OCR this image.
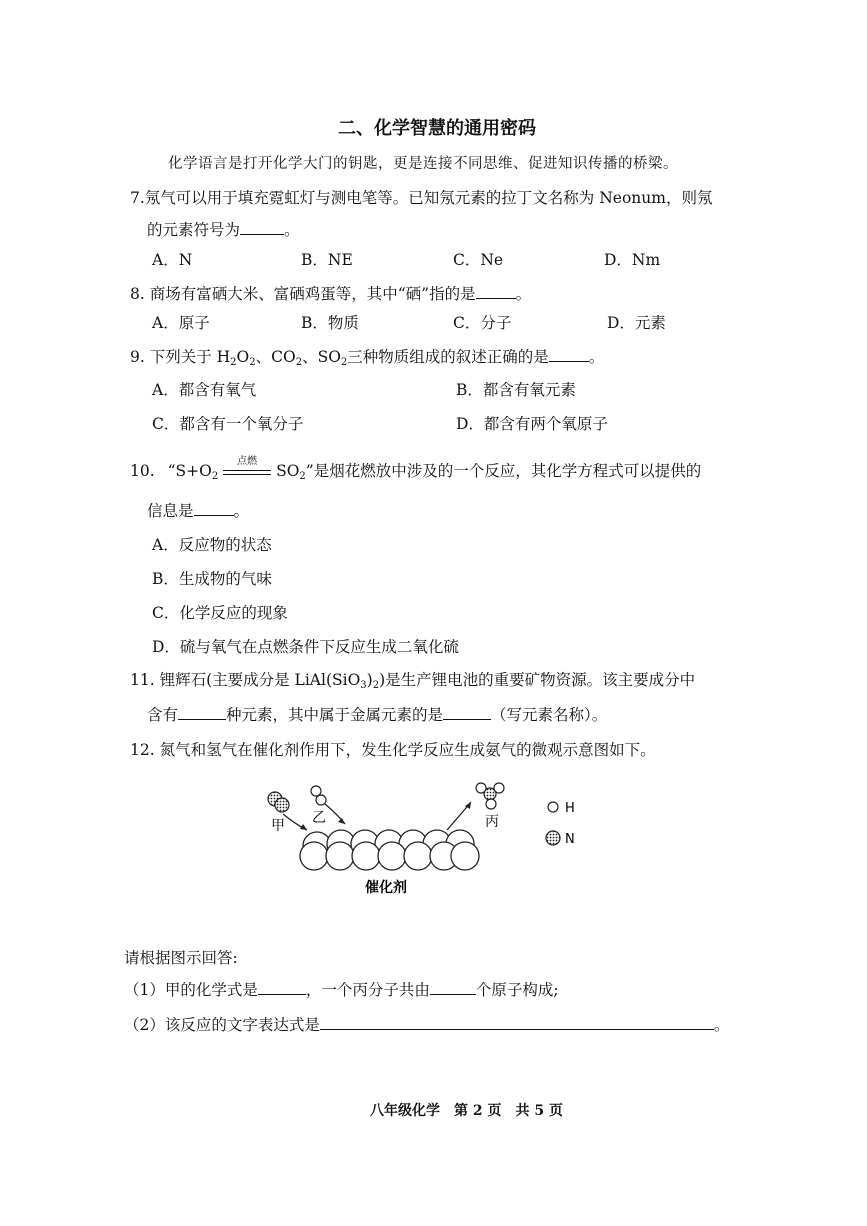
二、化学智慧的通用密码
化学语言是打开化学大门的钥匙，更是连接不同思维、促进知识传播的桥梁。
7.氖气可以用于填充霓虹灯与测电笔等。已知氖元素的拉丁文名称为 Neonum，则氖
的元素符号为	。
A．N	B．NE	C．Ne	D．Nm
8. 商场有富硒大米、富硒鸡蛋等，其中“硒”指的是	。
A．原子	B．物质	C．分子	D．元素
9. 下列关于 $H_2O_2$、$CO_2$、$SO_2$三种物质组成的叙述正确的是	。
A．都含有氧气	B．都含有氧元素
C．都含有一个氧分子	D．都含有两个氧原子
10. “$S+O_2$
点燃
$SO_2$”是烟花燃放中涉及的一个反应，其化学方程式可以提供的
信息是	。
A．反应物的状态
B．生成物的气味
C．化学反应的现象
D．硫与氧气在点燃条件下反应生成二氧化硫
11. 锂辉石(主要成分是 $LiAl(SiO_3)_2$)是生产锂电池的重要矿物资源。该主要成分中
含有	种元素，其中属于金属元素的是	（写元素名称）。
12. 氮气和氢气在催化剂作用下，发生化学反应生成氨气的微观示意图如下。
甲 乙	丙
H
N
催化剂
请根据图示回答:
（1）甲的化学式是	，一个丙分子共由	个原子构成;
（2）该反应的文字表达式是	。
八年级化学　第 2 页　共 5 页
